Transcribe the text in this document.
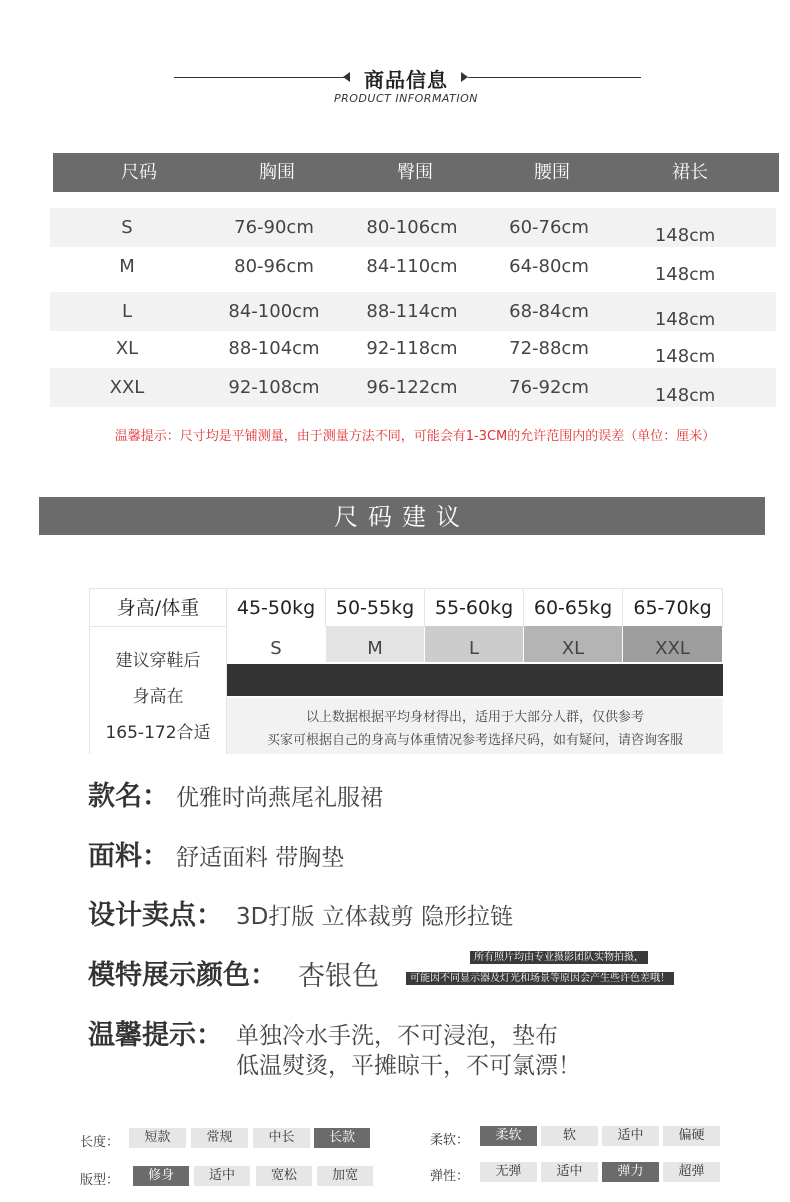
商品信息
PRODUCT INFORMATION
尺码	胸围	臀围	腰围	裙长
S	76-90cm	80-106cm	60-76cm	148cm
M	80-96cm	84-110cm	64-80cm	148cm
L	84-100cm	88-114cm	68-84cm	148cm
XL	88-104cm	92-118cm	72-88cm	148cm
XXL	92-108cm	96-122cm	76-92cm	148cm
温馨提示：尺寸均是平铺测量，由于测量方法不同，可能会有1-3CM的允许范围内的误差（单位：厘米）
尺码建议
身高/体重	45-50kg	50-55kg	55-60kg	60-65kg	65-70kg
建议穿鞋后
身高在
165-172合适
S	M	L	XL	XXL
以上数据根据平均身材得出，适用于大部分人群，仅供参考
买家可根据自己的身高与体重情况参考选择尺码，如有疑问，请咨询客服
款名： 优雅时尚燕尾礼服裙
面料： 舒适面料 带胸垫
设计卖点： 3D打版 立体裁剪 隐形拉链
模特展示颜色： 杏银色
所有照片均由专业摄影团队实物拍摄，
可能因不同显示器及灯光和场景等原因会产生些许色差哦！
温馨提示： 单独冷水手洗，不可浸泡，垫布
低温熨烫，平摊晾干，不可氯漂！
长度：	短款	常规	中长	长款
版型：	修身	适中	宽松	加宽
柔软：	柔软	软	适中	偏硬
弹性：	无弹	适中	弹力	超弹
